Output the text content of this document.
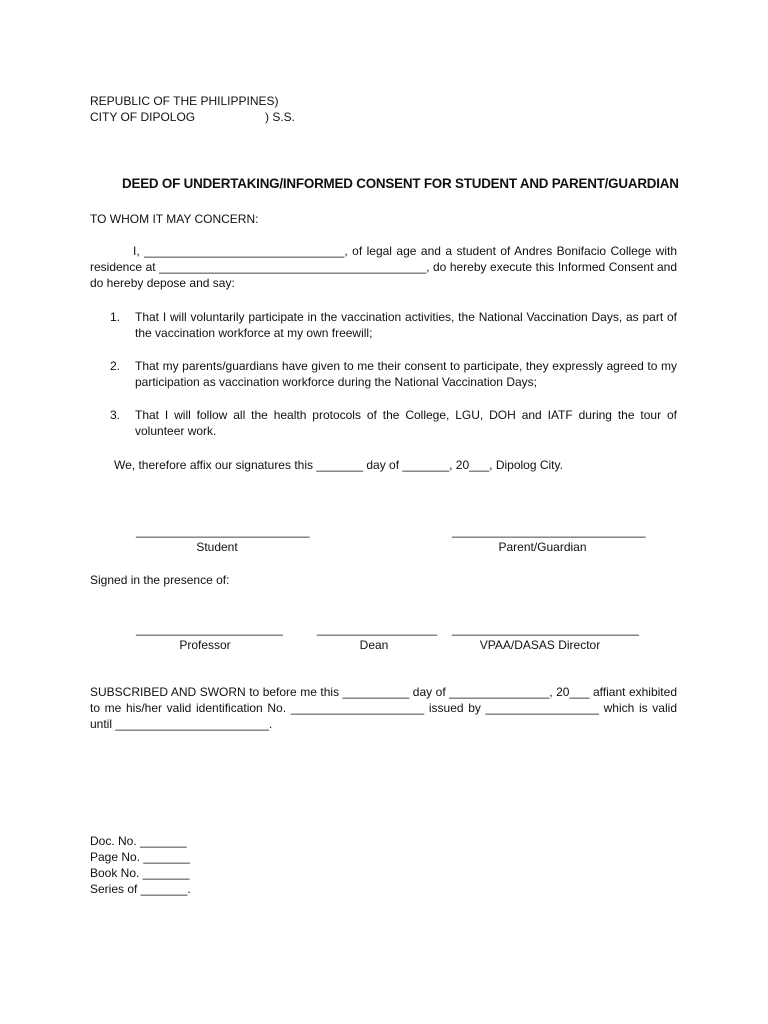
REPUBLIC OF THE PHILIPPINES)
CITY OF DIPOLOG	) S.S.
DEED OF UNDERTAKING/INFORMED CONSENT FOR STUDENT AND PARENT/GUARDIAN
TO WHOM IT MAY CONCERN:
I, ______________________________, of legal age and a student of Andres Bonifacio College with residence at ________________________________________, do hereby execute this Informed Consent and do hereby depose and say:
1. That I will voluntarily participate in the vaccination activities, the National Vaccination Days, as part of the vaccination workforce at my own freewill;
2. That my parents/guardians have given to me their consent to participate, they expressly agreed to my participation as vaccination workforce during the National Vaccination Days;
3. That I will follow all the health protocols of the College, LGU, DOH and IATF during the tour of volunteer work.
We, therefore affix our signatures this _______ day of _______, 20___, Dipolog City.
__________________________
Student
_____________________________
Parent/Guardian
Signed in the presence of:
______________________
Professor
__________________
Dean
____________________________
VPAA/DASAS Director
SUBSCRIBED AND SWORN to before me this __________ day of _______________, 20___ affiant exhibited to me his/her valid identification No. ____________________ issued by _________________ which is valid until _______________________.
Doc. No. _______
Page No. _______
Book No. _______
Series of _______.
